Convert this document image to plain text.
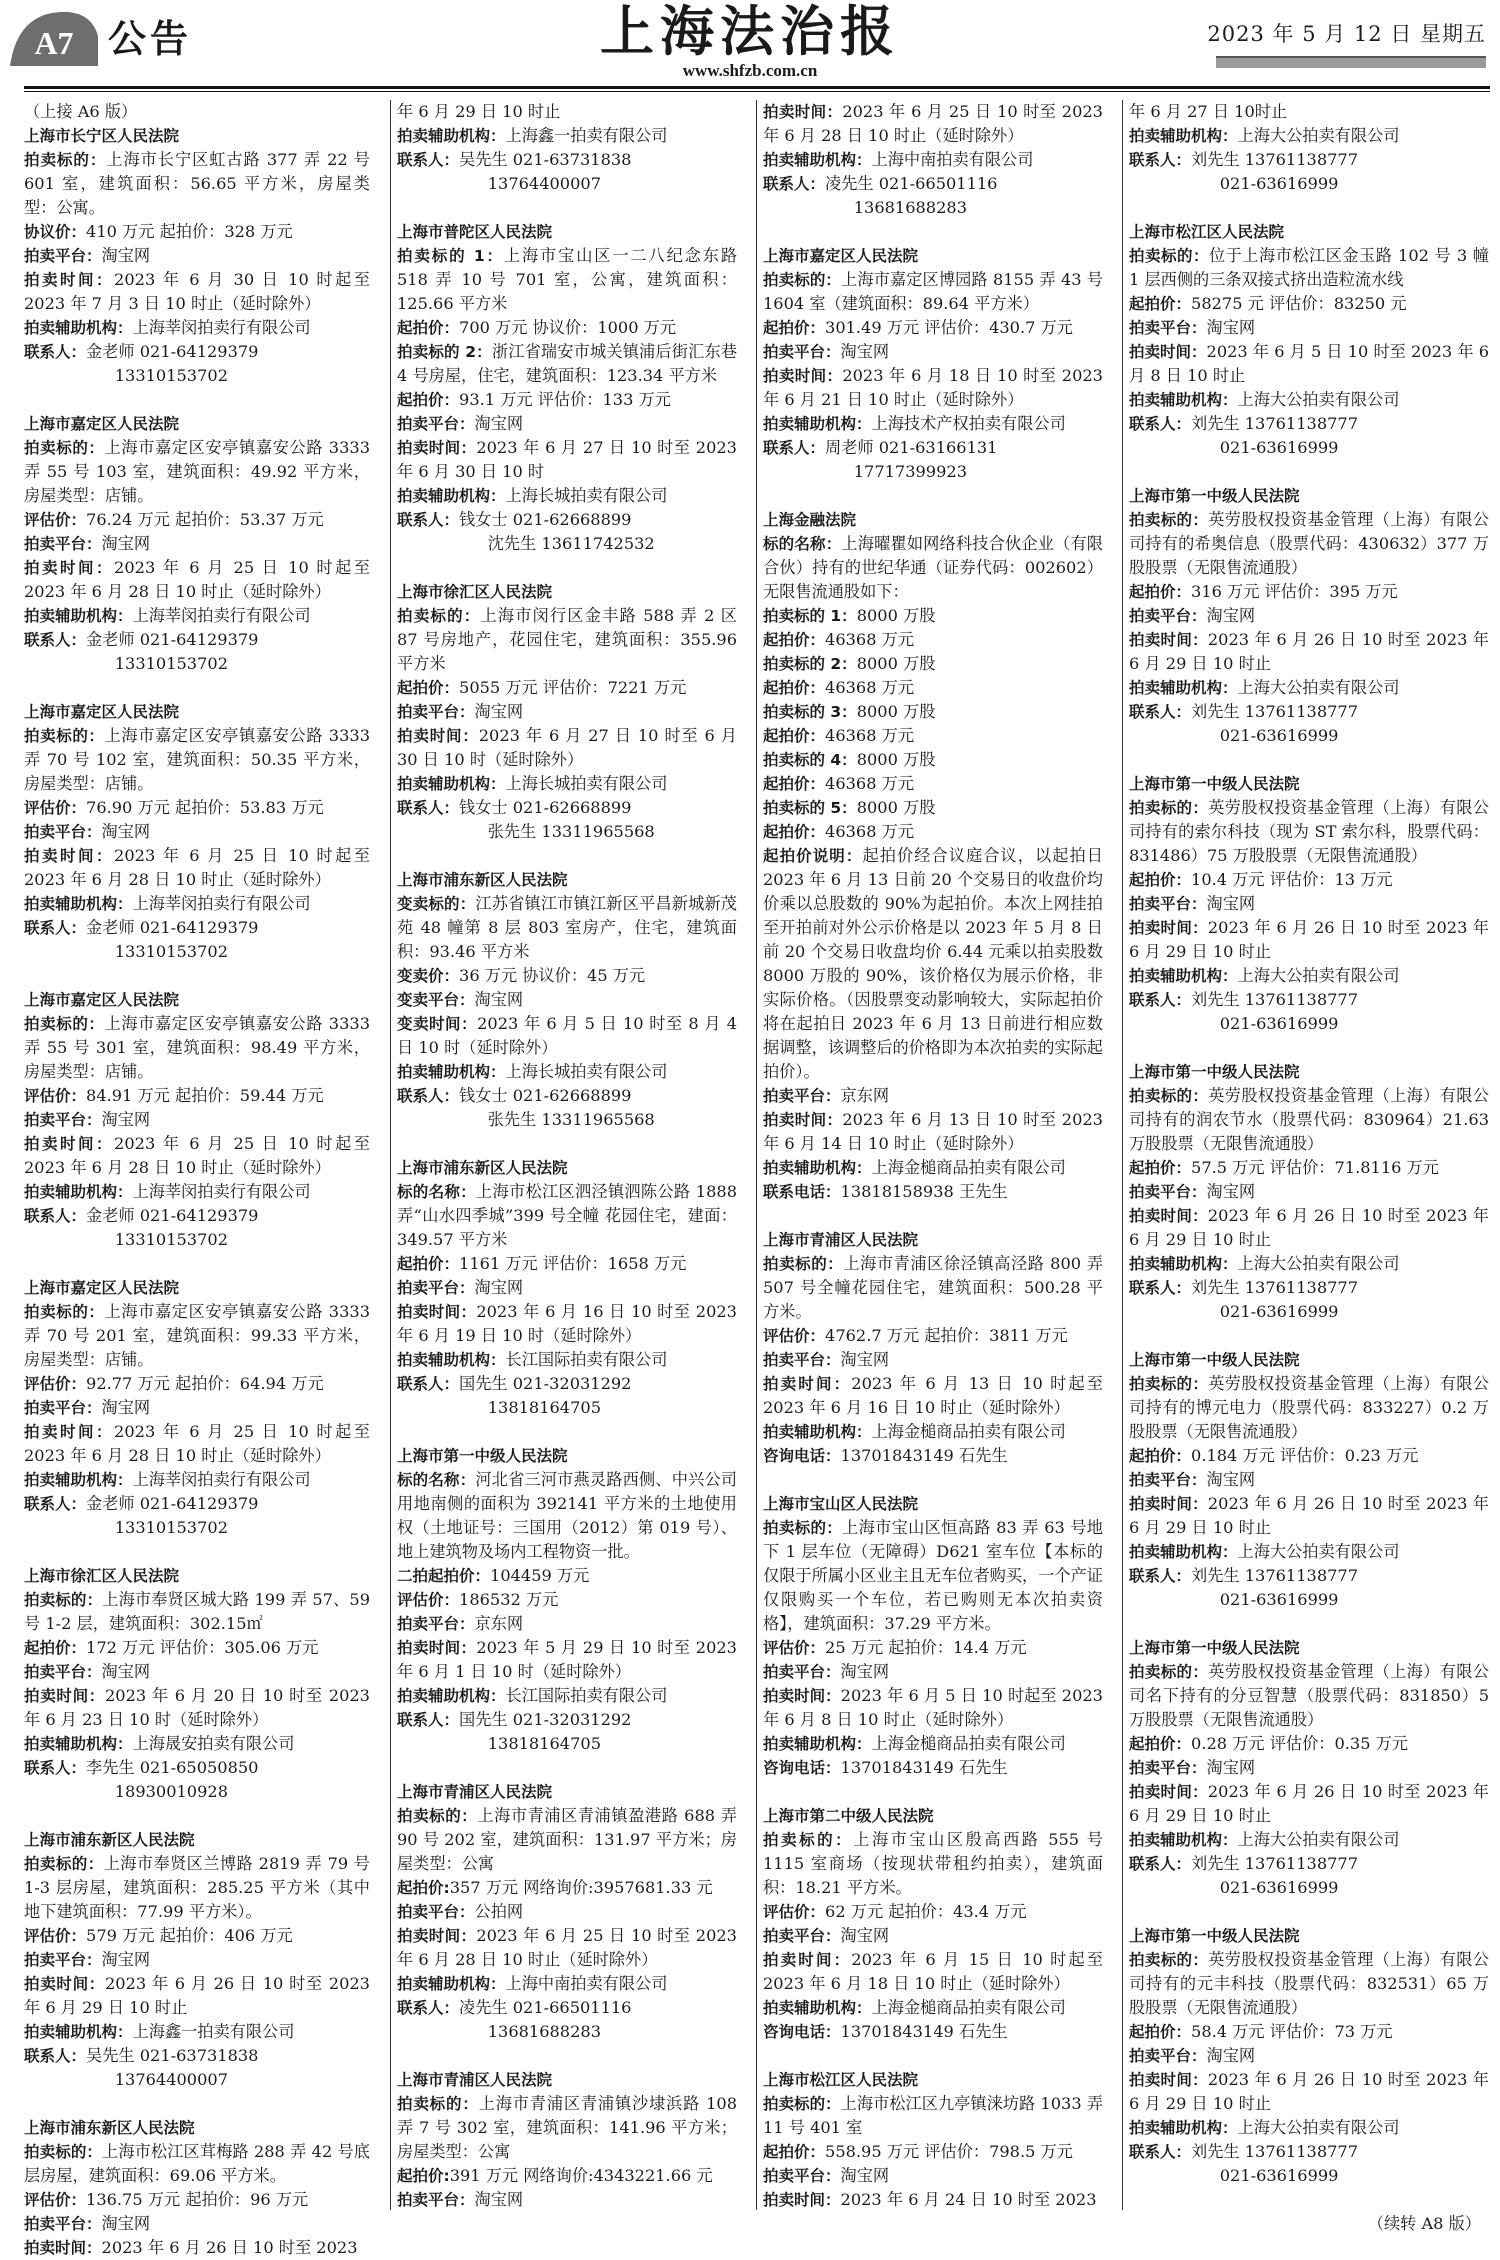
A7 公告	上海法治报
www.shfzb.com.cn
2023 年 5 月 12 日 星期五
（上接 A6 版）
上海市长宁区人民法院
拍卖标的：上海市长宁区虹古路 377 弄 22 号 601 室，建筑面积：56.65 平方米，房屋类型：公寓。
协议价：410 万元 起拍价：328 万元
拍卖平台：淘宝网
拍卖时间：2023 年 6 月 30 日 10 时起至 2023 年 7 月 3 日 10 时止（延时除外）
拍卖辅助机构：上海莘闵拍卖行有限公司
联系人：金老师 021-64129379
13310153702
上海市嘉定区人民法院
拍卖标的：上海市嘉定区安亭镇嘉安公路 3333 弄 55 号 103 室，建筑面积：49.92 平方米，房屋类型：店铺。
评估价：76.24 万元 起拍价：53.37 万元
拍卖平台：淘宝网
拍卖时间：2023 年 6 月 25 日 10 时起至 2023 年 6 月 28 日 10 时止（延时除外）
拍卖辅助机构：上海莘闵拍卖行有限公司
联系人：金老师 021-64129379
13310153702
上海市嘉定区人民法院
拍卖标的：上海市嘉定区安亭镇嘉安公路 3333 弄 70 号 102 室，建筑面积：50.35 平方米，房屋类型：店铺。
评估价：76.90 万元 起拍价：53.83 万元
拍卖平台：淘宝网
拍卖时间：2023 年 6 月 25 日 10 时起至 2023 年 6 月 28 日 10 时止（延时除外）
拍卖辅助机构：上海莘闵拍卖行有限公司
联系人：金老师 021-64129379
13310153702
上海市嘉定区人民法院
拍卖标的：上海市嘉定区安亭镇嘉安公路 3333 弄 55 号 301 室，建筑面积：98.49 平方米，房屋类型：店铺。
评估价：84.91 万元 起拍价：59.44 万元
拍卖平台：淘宝网
拍卖时间：2023 年 6 月 25 日 10 时起至 2023 年 6 月 28 日 10 时止（延时除外）
拍卖辅助机构：上海莘闵拍卖行有限公司
联系人：金老师 021-64129379
13310153702
上海市嘉定区人民法院
拍卖标的：上海市嘉定区安亭镇嘉安公路 3333 弄 70 号 201 室，建筑面积：99.33 平方米，房屋类型：店铺。
评估价：92.77 万元 起拍价：64.94 万元
拍卖平台：淘宝网
拍卖时间：2023 年 6 月 25 日 10 时起至 2023 年 6 月 28 日 10 时止（延时除外）
拍卖辅助机构：上海莘闵拍卖行有限公司
联系人：金老师 021-64129379
13310153702
上海市徐汇区人民法院
拍卖标的：上海市奉贤区城大路 199 弄 57、59 号 1-2 层，建筑面积：302.15㎡
起拍价：172 万元 评估价：305.06 万元
拍卖平台：淘宝网
拍卖时间：2023 年 6 月 20 日 10 时至 2023 年 6 月 23 日 10 时（延时除外）
拍卖辅助机构：上海晟安拍卖有限公司
联系人：李先生 021-65050850
18930010928
上海市浦东新区人民法院
拍卖标的：上海市奉贤区兰博路 2819 弄 79 号 1-3 层房屋，建筑面积：285.25 平方米（其中地下建筑面积：77.99 平方米）。
评估价：579 万元 起拍价：406 万元
拍卖平台：淘宝网
拍卖时间：2023 年 6 月 26 日 10 时至 2023 年 6 月 29 日 10 时止
拍卖辅助机构：上海鑫一拍卖有限公司
联系人：吴先生 021-63731838
13764400007
上海市浦东新区人民法院
拍卖标的：上海市松江区茸梅路 288 弄 42 号底层房屋，建筑面积：69.06 平方米。
评估价：136.75 万元 起拍价：96 万元
拍卖平台：淘宝网
拍卖时间：2023 年 6 月 26 日 10 时至 2023
年 6 月 29 日 10 时止
拍卖辅助机构：上海鑫一拍卖有限公司
联系人：吴先生 021-63731838
13764400007
上海市普陀区人民法院
拍卖标的 1：上海市宝山区一二八纪念东路 518 弄 10 号 701 室，公寓，建筑面积：125.66 平方米
起拍价：700 万元 协议价：1000 万元
拍卖标的 2：浙江省瑞安市城关镇浦后街汇东巷 4 号房屋，住宅，建筑面积：123.34 平方米
起拍价：93.1 万元 评估价：133 万元
拍卖平台：淘宝网
拍卖时间：2023 年 6 月 27 日 10 时至 2023 年 6 月 30 日 10 时
拍卖辅助机构：上海长城拍卖有限公司
联系人：钱女士 021-62668899
沈先生 13611742532
上海市徐汇区人民法院
拍卖标的：上海市闵行区金丰路 588 弄 2 区 87 号房地产，花园住宅，建筑面积：355.96 平方米
起拍价：5055 万元 评估价：7221 万元
拍卖平台：淘宝网
拍卖时间：2023 年 6 月 27 日 10 时至 6 月 30 日 10 时（延时除外）
拍卖辅助机构：上海长城拍卖有限公司
联系人：钱女士 021-62668899
张先生 13311965568
上海市浦东新区人民法院
变卖标的：江苏省镇江市镇江新区平昌新城新茂苑 48 幢第 8 层 803 室房产，住宅，建筑面积：93.46 平方米
变卖价：36 万元 协议价：45 万元
变卖平台：淘宝网
变卖时间：2023 年 6 月 5 日 10 时至 8 月 4 日 10 时（延时除外）
拍卖辅助机构：上海长城拍卖有限公司
联系人：钱女士 021-62668899
张先生 13311965568
上海市浦东新区人民法院
标的名称：上海市松江区泗泾镇泗陈公路 1888 弄“山水四季城”399 号全幢 花园住宅，建面：349.57 平方米
起拍价：1161 万元 评估价：1658 万元
拍卖平台：淘宝网
拍卖时间：2023 年 6 月 16 日 10 时至 2023 年 6 月 19 日 10 时（延时除外）
拍卖辅助机构：长江国际拍卖有限公司
联系人：国先生 021-32031292
13818164705
上海市第一中级人民法院
标的名称：河北省三河市燕灵路西侧、中兴公司用地南侧的面积为 392141 平方米的土地使用权（土地证号：三国用（2012）第 019 号）、地上建筑物及场内工程物资一批。
二拍起拍价：104459 万元
评估价：186532 万元
拍卖平台：京东网
拍卖时间：2023 年 5 月 29 日 10 时至 2023 年 6 月 1 日 10 时（延时除外）
拍卖辅助机构：长江国际拍卖有限公司
联系人：国先生 021-32031292
13818164705
上海市青浦区人民法院
拍卖标的：上海市青浦区青浦镇盈港路 688 弄 90 号 202 室，建筑面积：131.97 平方米；房屋类型：公寓
起拍价:357 万元 网络询价:3957681.33 元
拍卖平台：公拍网
拍卖时间：2023 年 6 月 25 日 10 时至 2023 年 6 月 28 日 10 时止（延时除外）
拍卖辅助机构：上海中南拍卖有限公司
联系人：凌先生 021-66501116
13681688283
上海市青浦区人民法院
拍卖标的：上海市青浦区青浦镇沙埭浜路 108 弄 7 号 302 室，建筑面积：141.96 平方米；房屋类型：公寓
起拍价:391 万元 网络询价:4343221.66 元
拍卖平台：淘宝网
拍卖时间：2023 年 6 月 25 日 10 时至 2023 年 6 月 28 日 10 时止（延时除外）
拍卖辅助机构：上海中南拍卖有限公司
联系人：凌先生 021-66501116
13681688283
上海市嘉定区人民法院
拍卖标的：上海市嘉定区博园路 8155 弄 43 号 1604 室（建筑面积：89.64 平方米）
起拍价：301.49 万元 评估价：430.7 万元
拍卖平台：淘宝网
拍卖时间：2023 年 6 月 18 日 10 时至 2023 年 6 月 21 日 10 时止（延时除外）
拍卖辅助机构：上海技术产权拍卖有限公司
联系人：周老师 021-63166131
17717399923
上海金融法院
标的名称：上海曜瞿如网络科技合伙企业（有限合伙）持有的世纪华通（证券代码：002602）无限售流通股如下：
拍卖标的 1：8000 万股
起拍价：46368 万元
拍卖标的 2：8000 万股
起拍价：46368 万元
拍卖标的 3：8000 万股
起拍价：46368 万元
拍卖标的 4：8000 万股
起拍价：46368 万元
拍卖标的 5：8000 万股
起拍价：46368 万元
起拍价说明：起拍价经合议庭合议，以起拍日 2023 年 6 月 13 日前 20 个交易日的收盘价均价乘以总股数的 90%为起拍价。本次上网挂拍至开拍前对外公示价格是以 2023 年 5 月 8 日前 20 个交易日收盘均价 6.44 元乘以拍卖股数 8000 万股的 90%，该价格仅为展示价格，非实际价格。（因股票变动影响较大，实际起拍价将在起拍日 2023 年 6 月 13 日前进行相应数据调整，该调整后的价格即为本次拍卖的实际起拍价）。
拍卖平台：京东网
拍卖时间：2023 年 6 月 13 日 10 时至 2023 年 6 月 14 日 10 时止（延时除外）
拍卖辅助机构：上海金槌商品拍卖有限公司
联系电话：13818158938 王先生
上海市青浦区人民法院
拍卖标的：上海市青浦区徐泾镇高泾路 800 弄 507 号全幢花园住宅，建筑面积：500.28 平方米。
评估价：4762.7 万元 起拍价：3811 万元
拍卖平台：淘宝网
拍卖时间：2023 年 6 月 13 日 10 时起至 2023 年 6 月 16 日 10 时止（延时除外）
拍卖辅助机构：上海金槌商品拍卖有限公司
咨询电话：13701843149 石先生
上海市宝山区人民法院
拍卖标的：上海市宝山区恒高路 83 弄 63 号地下 1 层车位（无障碍）D621 室车位【本标的仅限于所属小区业主且无车位者购买，一个产证仅限购买一个车位，若已购则无本次拍卖资格】，建筑面积：37.29 平方米。
评估价：25 万元 起拍价：14.4 万元
拍卖平台：淘宝网
拍卖时间：2023 年 6 月 5 日 10 时起至 2023 年 6 月 8 日 10 时止（延时除外）
拍卖辅助机构：上海金槌商品拍卖有限公司
咨询电话：13701843149 石先生
上海市第二中级人民法院
拍卖标的：上海市宝山区殷高西路 555 号 1115 室商场（按现状带租约拍卖），建筑面积：18.21 平方米。
评估价：62 万元 起拍价：43.4 万元
拍卖平台：淘宝网
拍卖时间：2023 年 6 月 15 日 10 时起至 2023 年 6 月 18 日 10 时止（延时除外）
拍卖辅助机构：上海金槌商品拍卖有限公司
咨询电话：13701843149 石先生
上海市松江区人民法院
拍卖标的：上海市松江区九亭镇涞坊路 1033 弄 11 号 401 室
起拍价：558.95 万元 评估价：798.5 万元
拍卖平台：淘宝网
拍卖时间：2023 年 6 月 24 日 10 时至 2023
年 6 月 27 日 10时止
拍卖辅助机构：上海大公拍卖有限公司
联系人：刘先生 13761138777
021-63616999
上海市松江区人民法院
拍卖标的：位于上海市松江区金玉路 102 号 3 幢 1 层西侧的三条双接式挤出造粒流水线
起拍价：58275 元 评估价：83250 元
拍卖平台：淘宝网
拍卖时间：2023 年 6 月 5 日 10 时至 2023 年 6 月 8 日 10 时止
拍卖辅助机构：上海大公拍卖有限公司
联系人：刘先生 13761138777
021-63616999
上海市第一中级人民法院
拍卖标的：英劳股权投资基金管理（上海）有限公司持有的希奥信息（股票代码：430632）377 万股股票（无限售流通股）
起拍价：316 万元 评估价：395 万元
拍卖平台：淘宝网
拍卖时间：2023 年 6 月 26 日 10 时至 2023 年 6 月 29 日 10 时止
拍卖辅助机构：上海大公拍卖有限公司
联系人：刘先生 13761138777
021-63616999
上海市第一中级人民法院
拍卖标的：英劳股权投资基金管理（上海）有限公司持有的索尔科技（现为 ST 索尔科，股票代码：831486）75 万股股票（无限售流通股）
起拍价：10.4 万元 评估价：13 万元
拍卖平台：淘宝网
拍卖时间：2023 年 6 月 26 日 10 时至 2023 年 6 月 29 日 10 时止
拍卖辅助机构：上海大公拍卖有限公司
联系人：刘先生 13761138777
021-63616999
上海市第一中级人民法院
拍卖标的：英劳股权投资基金管理（上海）有限公司持有的润农节水（股票代码：830964）21.63 万股股票（无限售流通股）
起拍价：57.5 万元 评估价：71.8116 万元
拍卖平台：淘宝网
拍卖时间：2023 年 6 月 26 日 10 时至 2023 年 6 月 29 日 10 时止
拍卖辅助机构：上海大公拍卖有限公司
联系人：刘先生 13761138777
021-63616999
上海市第一中级人民法院
拍卖标的：英劳股权投资基金管理（上海）有限公司持有的博元电力（股票代码：833227）0.2 万股股票（无限售流通股）
起拍价：0.184 万元 评估价：0.23 万元
拍卖平台：淘宝网
拍卖时间：2023 年 6 月 26 日 10 时至 2023 年 6 月 29 日 10 时止
拍卖辅助机构：上海大公拍卖有限公司
联系人：刘先生 13761138777
021-63616999
上海市第一中级人民法院
拍卖标的：英劳股权投资基金管理（上海）有限公司名下持有的分豆智慧（股票代码：831850）5 万股股票（无限售流通股）
起拍价：0.28 万元 评估价：0.35 万元
拍卖平台：淘宝网
拍卖时间：2023 年 6 月 26 日 10 时至 2023 年 6 月 29 日 10 时止
拍卖辅助机构：上海大公拍卖有限公司
联系人：刘先生 13761138777
021-63616999
上海市第一中级人民法院
拍卖标的：英劳股权投资基金管理（上海）有限公司持有的元丰科技（股票代码：832531）65 万股股票（无限售流通股）
起拍价：58.4 万元 评估价：73 万元
拍卖平台：淘宝网
拍卖时间：2023 年 6 月 26 日 10 时至 2023 年 6 月 29 日 10 时止
拍卖辅助机构：上海大公拍卖有限公司
联系人：刘先生 13761138777
021-63616999
（续转 A8 版）
